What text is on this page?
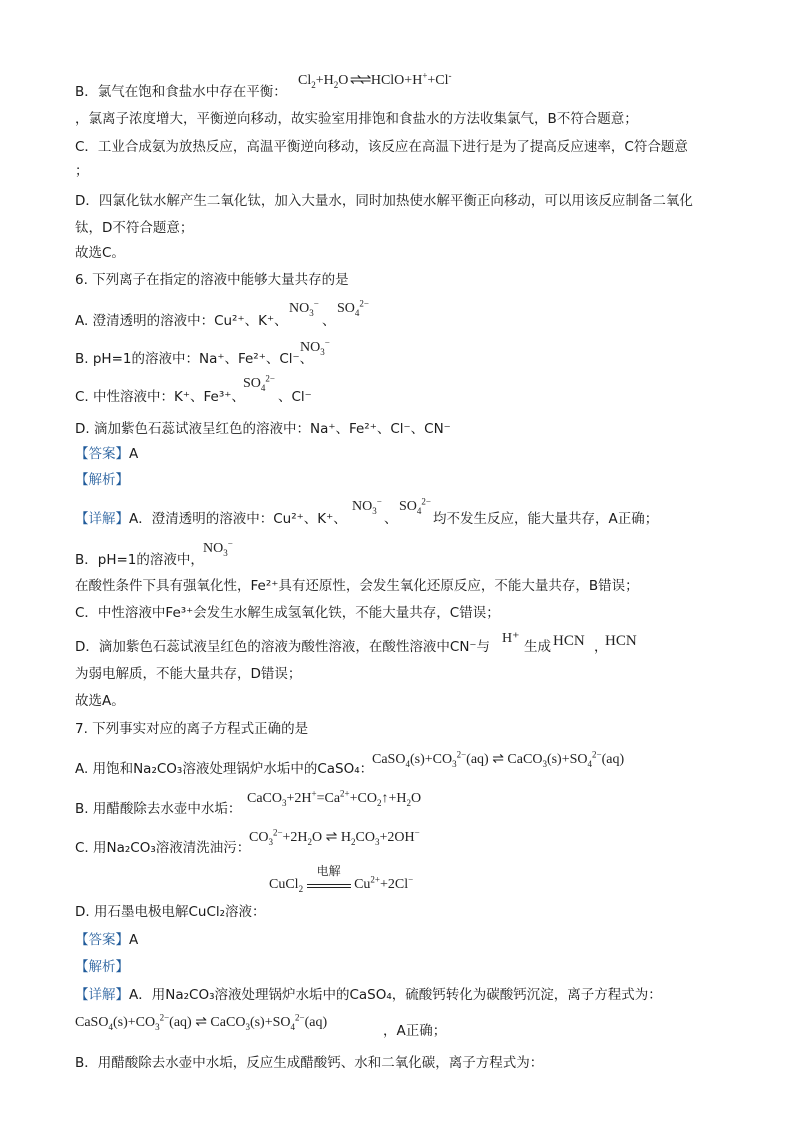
B．氯气在饱和食盐水中存在平衡：
$Cl_2+H_2O$ ⇌⇌ HClO+H++Cl-
，氯离子浓度增大，平衡逆向移动，故实验室用排饱和食盐水的方法收集氯气，B不符合题意；
C．工业合成氨为放热反应，高温平衡逆向移动，该反应在高温下进行是为了提高反应速率，C符合题意
；
D．四氯化钛水解产生二氧化钛，加入大量水，同时加热使水解平衡正向移动，可以用该反应制备二氧化
钛，D不符合题意；
故选C。
6. 下列离子在指定的溶液中能够大量共存的是
A. 澄清透明的溶液中：Cu²⁺、K⁺、
$NO_3^-$
、
$SO_4^{2-}$
B. pH=1的溶液中：Na⁺、Fe²⁺、Cl⁻、
$NO_3^-$
C. 中性溶液中：K⁺、Fe³⁺、
$SO_4^{2-}$
、Cl⁻
D. 滴加紫色石蕊试液呈红色的溶液中：Na⁺、Fe²⁺、Cl⁻、CN⁻
【答案】A
【解析】
【详解】A．澄清透明的溶液中：Cu²⁺、K⁺、
$NO_3^-$
、
$SO_4^{2-}$
均不发生反应，能大量共存，A正确；
B．pH=1的溶液中，
$NO_3^-$
在酸性条件下具有强氧化性，Fe²⁺具有还原性，会发生氧化还原反应，不能大量共存，B错误；
C．中性溶液中Fe³⁺会发生水解生成氢氧化铁，不能大量共存，C错误；
D．滴加紫色石蕊试液呈红色的溶液为酸性溶液，在酸性溶液中CN⁻与
H⁺
生成 HCN ，
HCN
为弱电解质，不能大量共存，D错误；
故选A。
7. 下列事实对应的离子方程式正确的是
A. 用饱和Na₂CO₃溶液处理锅炉水垢中的CaSO₄：
$CaSO_4(s)+CO_3^{2-}(aq)$ ⇌ $CaCO_3(s)+SO_4^{2-}(aq)$
B. 用醋酸除去水壶中水垢：
$CaCO_3+2H^+=Ca^{2+}+CO_2↑+H_2O$
C. 用Na₂CO₃溶液清洗油污：
$CO_3^{2-}+2H_2O$ ⇌ $H_2CO_3+2OH^-$
CuCl$_2$
电解
$Cu^{2+}+2Cl^-$
D. 用石墨电极电解CuCl₂溶液：
【答案】A
【解析】
【详解】A．用Na₂CO₃溶液处理锅炉水垢中的CaSO₄，硫酸钙转化为碳酸钙沉淀，离子方程式为：
$CaSO_4(s)+CO_3^{2-}(aq)$ ⇌ $CaCO_3(s)+SO_4^{2-}(aq)$
，A正确；
B．用醋酸除去水壶中水垢，反应生成醋酸钙、水和二氧化碳，离子方程式为：
